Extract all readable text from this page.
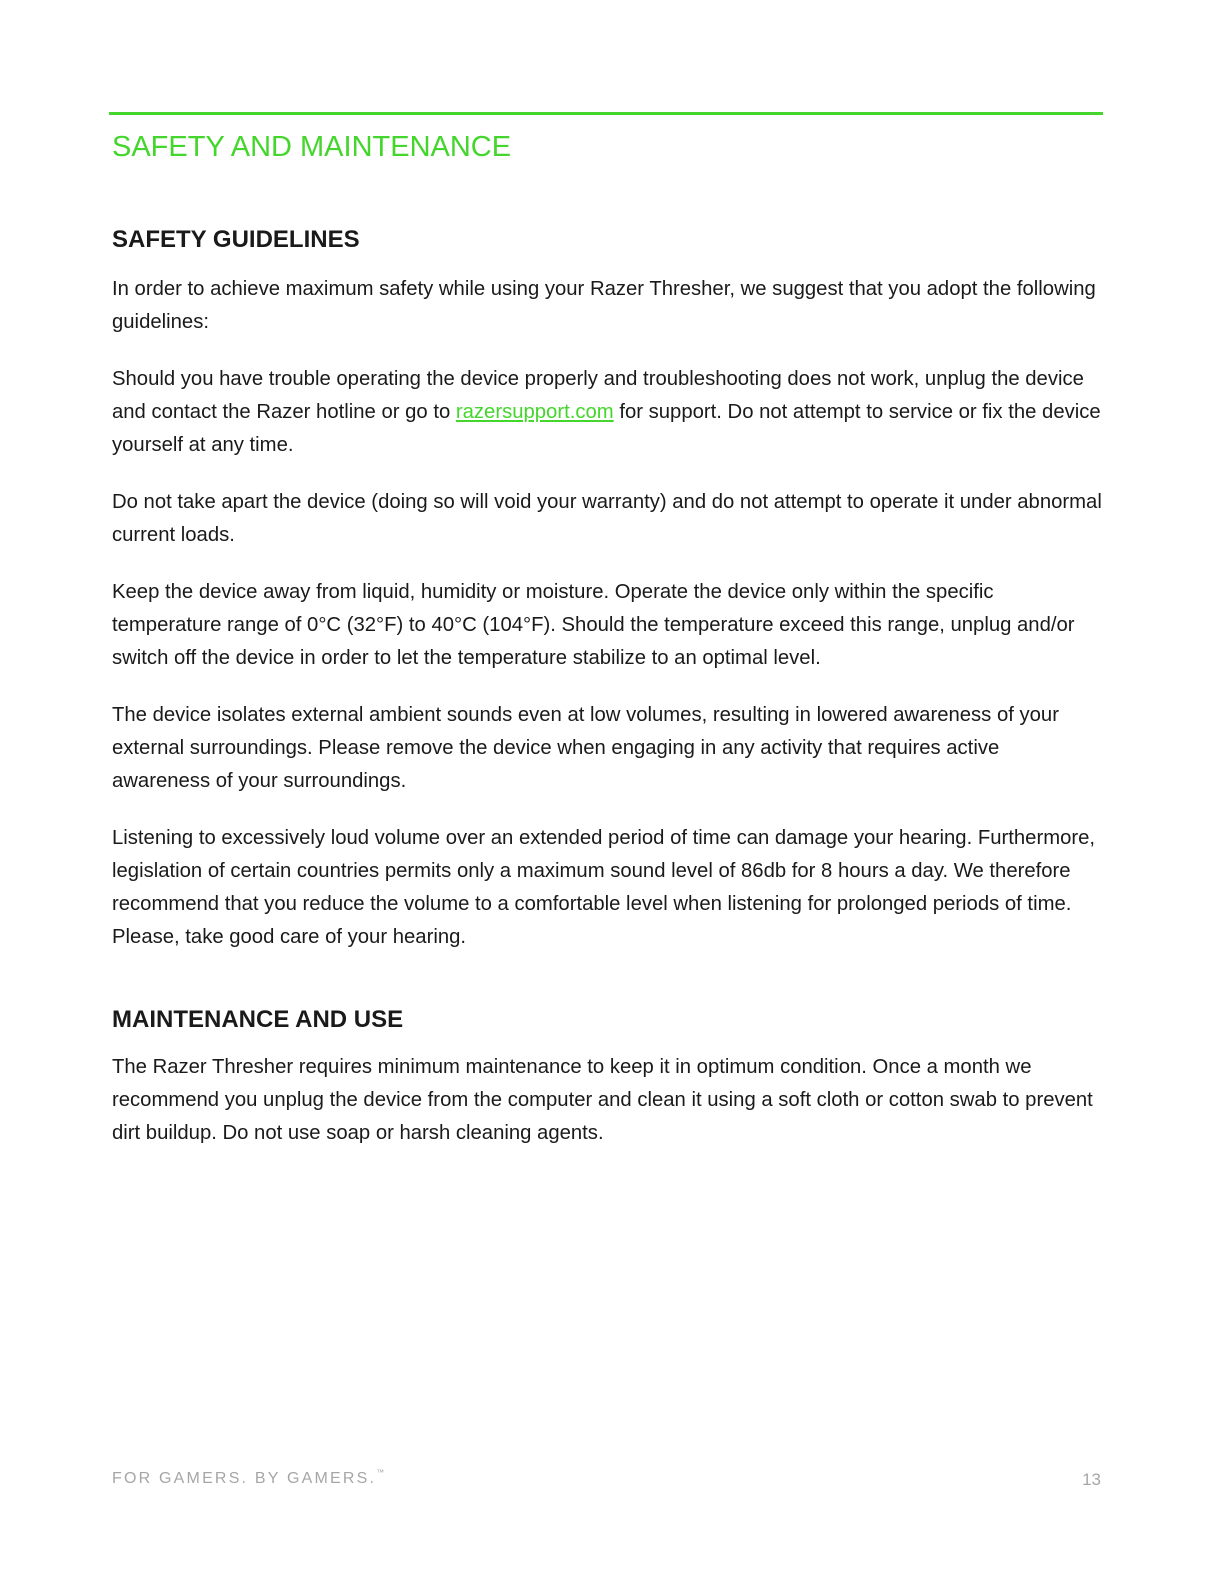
SAFETY AND MAINTENANCE
SAFETY GUIDELINES

In order to achieve maximum safety while using your Razer Thresher, we suggest that you adopt the following guidelines:

Should you have trouble operating the device properly and troubleshooting does not work, unplug the device and contact the Razer hotline or go to razersupport.com for support. Do not attempt to service or fix the device yourself at any time.

Do not take apart the device (doing so will void your warranty) and do not attempt to operate it under abnormal current loads.

Keep the device away from liquid, humidity or moisture. Operate the device only within the specific temperature range of 0°C (32°F) to 40°C (104°F). Should the temperature exceed this range, unplug and/or switch off the device in order to let the temperature stabilize to an optimal level.

The device isolates external ambient sounds even at low volumes, resulting in lowered awareness of your external surroundings. Please remove the device when engaging in any activity that requires active awareness of your surroundings.

Listening to excessively loud volume over an extended period of time can damage your hearing. Furthermore, legislation of certain countries permits only a maximum sound level of 86db for 8 hours a day. We therefore recommend that you reduce the volume to a comfortable level when listening for prolonged periods of time. Please, take good care of your hearing.

MAINTENANCE AND USE

The Razer Thresher requires minimum maintenance to keep it in optimum condition. Once a month we recommend you unplug the device from the computer and clean it using a soft cloth or cotton swab to prevent dirt buildup. Do not use soap or harsh cleaning agents.

FOR GAMERS. BY GAMERS.™	13
